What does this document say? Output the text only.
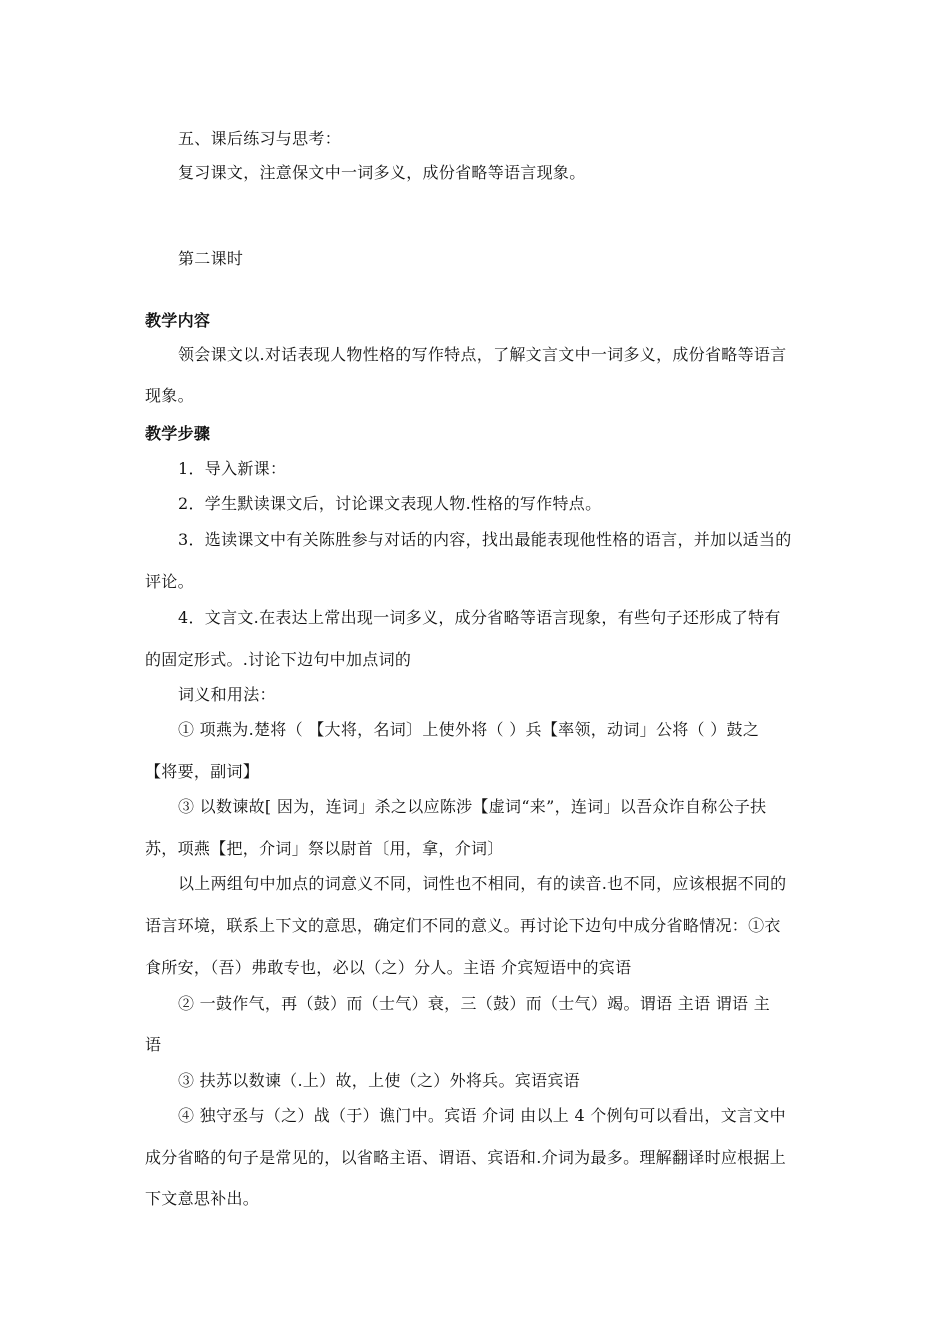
五、课后练习与思考：
复习课文，注意保文中一词多义，成份省略等语言现象。
第二课时
教学内容
领会课文以.对话表现人物性格的写作特点，了解文言文中一词多义，成份省略等语言
现象。
教学步骤
1．导入新课：
2．学生默读课文后，讨论课文表现人物.性格的写作特点。
3．选读课文中有关陈胜参与对话的内容，找出最能表现他性格的语言，并加以适当的
评论。
4．文言文.在表达上常出现一词多义，成分省略等语言现象，有些句子还形成了特有
的固定形式。.讨论下边句中加点词的
词义和用法：
① 项燕为.楚将（ 【大将，名词〕上使外将（ ）兵【率领，动词」公将（ ）鼓之
【将要，副词】
③ 以数谏故[ 因为，连词」杀之以应陈涉【虚词“来”，连词」以吾众诈自称公子扶
苏，项燕【把，介词」祭以尉首〔用，拿，介词〕
以上两组句中加点的词意义不同，词性也不相同，有的读音.也不同，应该根据不同的
语言环境，联系上下文的意思，确定们不同的意义。再讨论下边句中成分省略情况：①衣
食所安，（吾）弗敢专也，必以（之）分人。主语 介宾短语中的宾语
② 一鼓作气，再（鼓）而（士气）衰，三（鼓）而（士气）竭。谓语 主语 谓语 主
语
③ 扶苏以数谏（.上）故，上使（之）外将兵。宾语宾语
④ 独守丞与（之）战（于）谯门中。宾语 介词 由以上 4 个例句可以看出，文言文中
成分省略的句子是常见的，以省略主语、谓语、宾语和.介词为最多。理解翻译时应根据上
下文意思补出。
